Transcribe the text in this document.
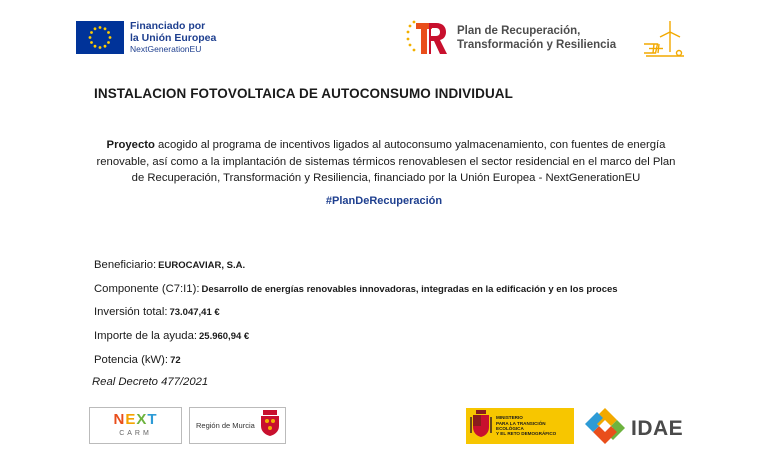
Financiado por
la Unión Europea
NextGenerationEU
Plan de Recuperación,
Transformación y Resiliencia
INSTALACION FOTOVOLTAICA DE AUTOCONSUMO INDIVIDUAL
Proyecto acogido al programa de incentivos ligados al autoconsumo yalmacenamiento, con fuentes de energía renovable, así como a la implantación de sistemas térmicos renovablesen el sector residencial en el marco del Plan de Recuperación, Transformación y Resiliencia, financiado por la Unión Europea - NextGenerationEU
#PlanDeRecuperación
Beneficiario: EUROCAVIAR, S.A.
Componente (C7:I1): Desarrollo de energías renovables innovadoras, integradas en la edificación y en los proces
Inversión total: 73.047,41 €
Importe de la ayuda: 25.960,94 €
Potencia (kW): 72
Real Decreto 477/2021
NEXT
CARM
Región de Murcia
MINISTERIO
PARA LA TRANSICIÓN ECOLÓGICA
Y EL RETO DEMOGRÁFICO	IDAE
